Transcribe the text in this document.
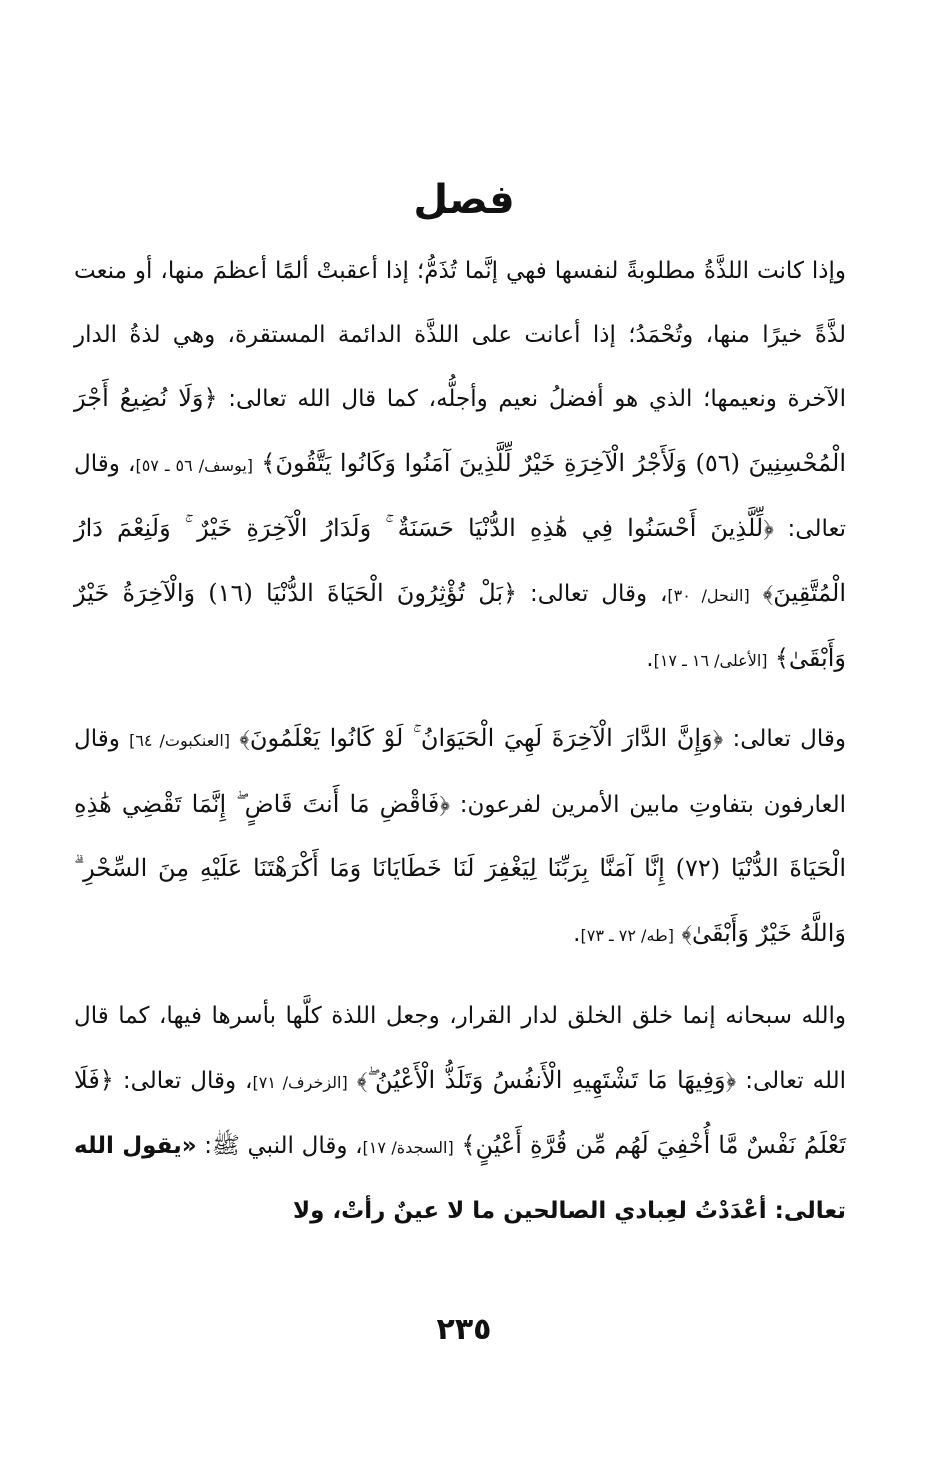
فصل

وإذا كانت اللذَّةُ مطلوبةً لنفسها فهي إنَّما تُذَمُّ؛ إذا أعقبتْ ألمًا أعظمَ منها، أو منعت لذَّةً خيرًا منها، وتُحْمَدُ؛ إذا أعانت على اللذَّة الدائمة المستقرة، وهي لذةُ الدار الآخرة ونعيمها؛ الذي هو أفضلُ نعيم وأجلُّه، كما قال الله تعالى: ﴿وَلَا نُضِيعُ أَجْرَ الْمُحْسِنِينَ (٥٦) وَلَأَجْرُ الْآخِرَةِ خَيْرٌ لِّلَّذِينَ آمَنُوا وَكَانُوا يَتَّقُونَ﴾ [يوسف/ ٥٦ ـ ٥٧]، وقال تعالى: ﴿لِّلَّذِينَ أَحْسَنُوا فِي هَٰذِهِ الدُّنْيَا حَسَنَةٌ ۚ وَلَدَارُ الْآخِرَةِ خَيْرٌ ۚ وَلَنِعْمَ دَارُ الْمُتَّقِينَ﴾ [النحل/ ٣٠]، وقال تعالى: ﴿بَلْ تُؤْثِرُونَ الْحَيَاةَ الدُّنْيَا (١٦) وَالْآخِرَةُ خَيْرٌ وَأَبْقَىٰ﴾ [الأعلى/ ١٦ ـ ١٧].

وقال تعالى: ﴿وَإِنَّ الدَّارَ الْآخِرَةَ لَهِيَ الْحَيَوَانُ ۚ لَوْ كَانُوا يَعْلَمُونَ﴾ [العنكبوت/ ٦٤] وقال العارفون بتفاوتِ مابين الأمرين لفرعون: ﴿فَاقْضِ مَا أَنتَ قَاضٍ ۖ إِنَّمَا تَقْضِي هَٰذِهِ الْحَيَاةَ الدُّنْيَا (٧٢) إِنَّا آمَنَّا بِرَبِّنَا لِيَغْفِرَ لَنَا خَطَايَانَا وَمَا أَكْرَهْتَنَا عَلَيْهِ مِنَ السِّحْرِ ۗ وَاللَّهُ خَيْرٌ وَأَبْقَىٰ﴾ [طه/ ٧٢ ـ ٧٣].

والله سبحانه إنما خلق الخلق لدار القرار، وجعل اللذة كلَّها بأسرها فيها، كما قال الله تعالى: ﴿وَفِيهَا مَا تَشْتَهِيهِ الْأَنفُسُ وَتَلَذُّ الْأَعْيُنُ ۖ﴾ [الزخرف/ ٧١]، وقال تعالى: ﴿فَلَا تَعْلَمُ نَفْسٌ مَّا أُخْفِيَ لَهُم مِّن قُرَّةِ أَعْيُنٍ﴾ [السجدة/ ١٧]، وقال النبي ﷺ: «يقول الله تعالى: أعْدَدْتُ لعِبادي الصالحين ما لا عينٌ رأتْ، ولا

٢٣٥
